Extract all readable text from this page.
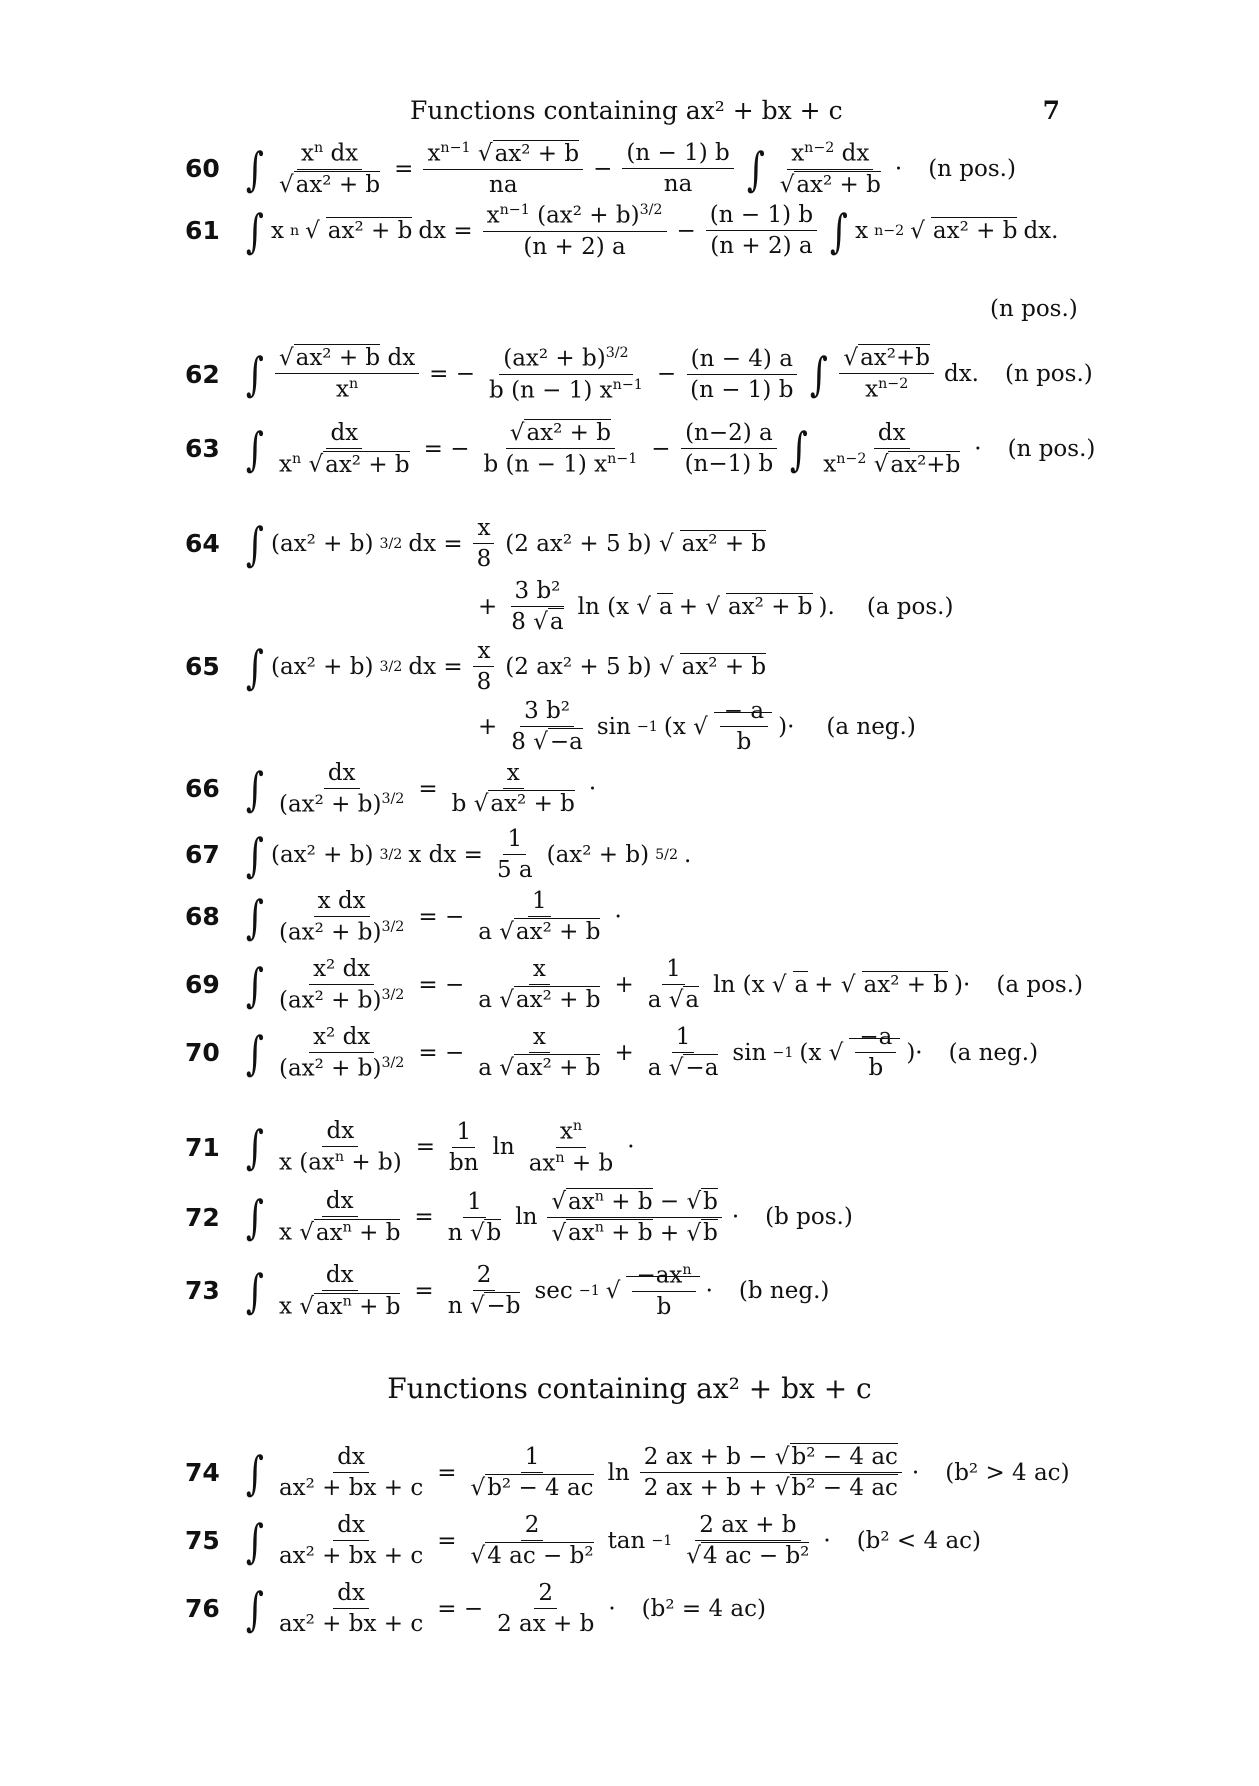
Functions containing ax² + bx + c	7
60 ∫ $\frac{x^n dx}{\text{√ax² + b}} = \frac{x^{n-1} √ax^2 + b}{na} - \frac{(n - 1) b}{na}$ ∫ $\frac{x^{n-2} dx}{\text{√ax² + b}} \cdot (n$ pos.)
61 ∫ x n √ ax² + b dx = $\frac{x^{n-1} (ax^2 + b)^{3/2}}{(n + 2) a} - \frac{(n - 1) b}{(n + 2) a}$ ∫ x n−2 √ ax² + b dx.
(n pos.)
62 ∫ $\frac{\text{√ax² + b dx}}{x^n}$ = − $\frac{(ax^2 + b)^{3/2}}{b (n - 1) x^{n-1}} - \frac{(n - 4) a}{(n - 1) b}$ ∫ $\frac{\text{√ax²+b}}{x^{n-2}}$ dx. (n pos.)
63 ∫ $\frac{dx}{x^n √ax^2 + b}$ = − $\frac{\text{√ax² + b}}{b (n - 1) x^{n-1}} - \frac{(n-2) a}{(n-1) b}$ ∫ $\frac{dx}{x^{n-2} √ax^2+b} \cdot (n$ pos.)
64 ∫ (ax² + b) 3/2 dx = $\frac{x}{8} (2$ ax² + 5 b) √ ax² + b
+ $\frac{\text{3 b²}}{8 √a}$ ln (x √ a + √ ax² + b ). (a pos.)
65 ∫ (ax² + b) 3/2 dx = $\frac{x}{8} (2$ ax² + 5 b) √ ax² + b
+ $\frac{\text{3 b²}}{8 √-a}$ sin −1 (x √ $\frac{- a}{b}$ )· (a neg.)
66 ∫ $\frac{dx}{(ax^2 + b)^{3/2}} = \frac{x}{\text{b √ax² + b}}$ ·
67 ∫ (ax² + b) 3/2 x dx = $\frac{1}{5 a} (ax^2 + b)$ 5/2 .
68 ∫ $\frac{\text{x dx}}{(ax^2 + b)^{3/2}}$ = − $\frac{1}{\text{a √ax² + b}}$ ·
69 ∫ $\frac{\text{x² dx}}{(ax^2 + b)^{3/2}}$ = − $\frac{x}{\text{a √ax² + b}} + \frac{1}{a √a}$ ln (x √ a + √ ax² + b )· (a pos.)
70 ∫ $\frac{\text{x² dx}}{(ax^2 + b)^{3/2}}$ = − $\frac{x}{\text{a √ax² + b}} + \frac{1}{a √-a}$ sin −1 (x √ $\frac{-a}{b}$ )· (a neg.)
71 ∫ $\frac{dx}{x (ax^n + b)} = \frac{1}{bn}$ $\ln \frac{x^n}{ax^n + b}$ ·
72 ∫ $\frac{dx}{x √ax^n + b} = \frac{1}{n √b}$ $\ln \frac{√ax^n + b - √b}{√ax^n + b + √b} \cdot (b$ pos.)
73 ∫ $\frac{dx}{x √ax^n + b} = \frac{2}{n √-b}$ sec −1 √ $\frac{-ax^n}{b} \cdot (b$ neg.)
Functions containing ax² + bx + c
74 ∫ $\frac{dx}{\text{ax² + bx + c}} = \frac{1}{\text{√b² − 4 ac}}$ $\ln \frac{\text{2 ax + b − √b² − 4 ac}}{\text{2 ax + b + √b² − 4 ac}} \cdot (b^2 > 4$ ac)
75 ∫ $\frac{dx}{\text{ax² + bx + c}} = \frac{2}{\text{√4 ac − b²}}$ $\tan -1 \frac{2 ax + b}{\text{√4 ac − b²}} \cdot (b^2 < 4$ ac)
76 ∫ $\frac{dx}{\text{ax² + bx + c}}$ = − $\frac{2}{2 ax + b} \cdot (b^2 = 4$ ac)
